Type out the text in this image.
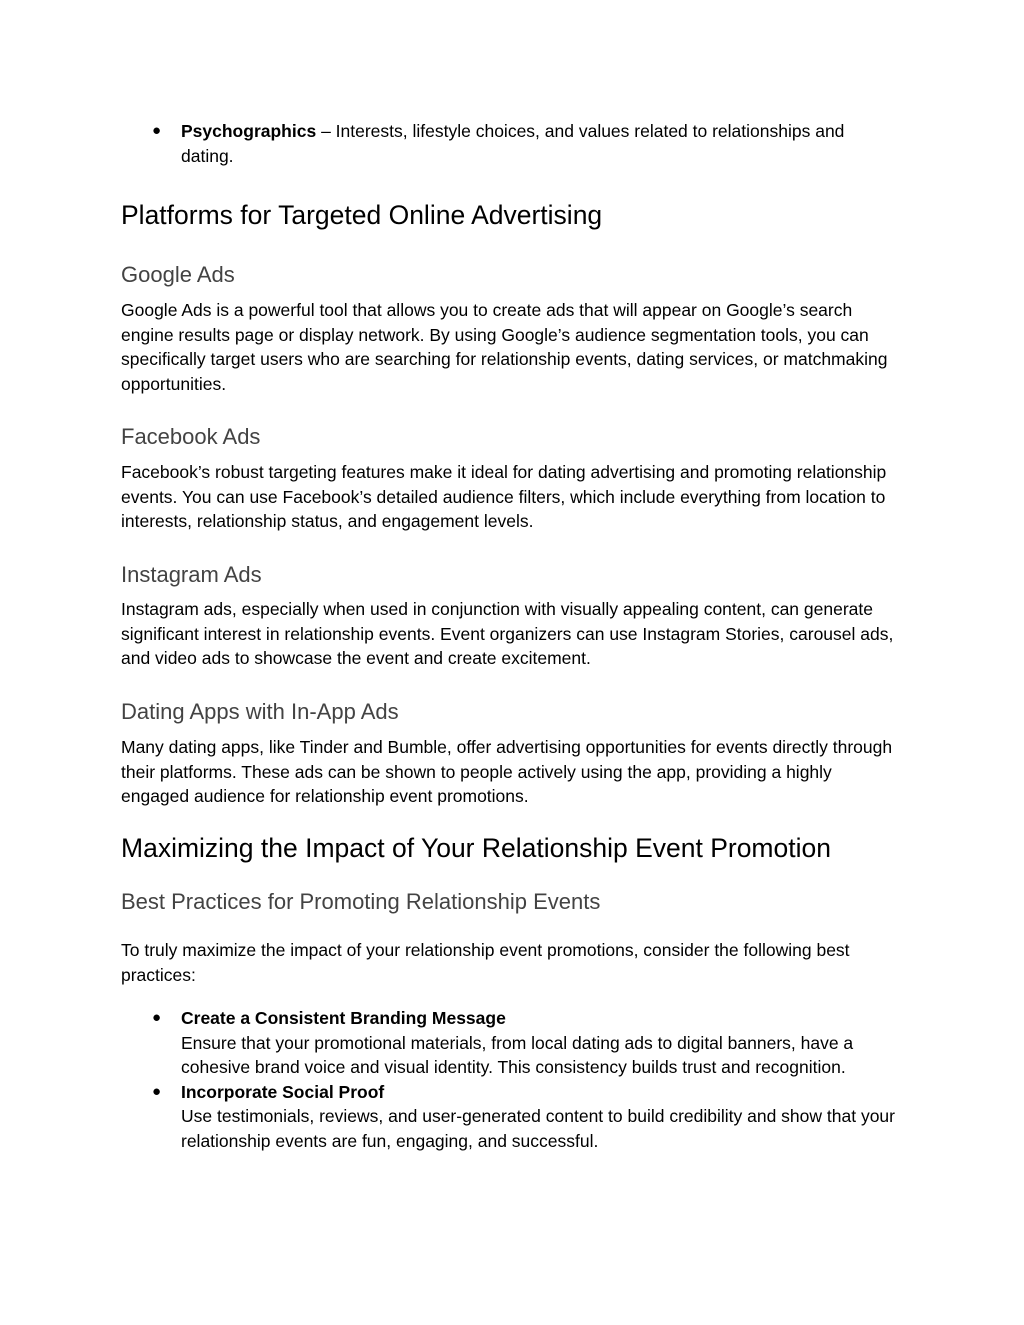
● Psychographics – Interests, lifestyle choices, and values related to relationships and dating.
Platforms for Targeted Online Advertising
Google Ads

Google Ads is a powerful tool that allows you to create ads that will appear on Google’s search engine results page or display network. By using Google’s audience segmentation tools, you can specifically target users who are searching for relationship events, dating services, or matchmaking opportunities.

Facebook Ads

Facebook’s robust targeting features make it ideal for dating advertising and promoting relationship events. You can use Facebook’s detailed audience filters, which include everything from location to interests, relationship status, and engagement levels.

Instagram Ads

Instagram ads, especially when used in conjunction with visually appealing content, can generate significant interest in relationship events. Event organizers can use Instagram Stories, carousel ads, and video ads to showcase the event and create excitement.

Dating Apps with In-App Ads

Many dating apps, like Tinder and Bumble, offer advertising opportunities for events directly through their platforms. These ads can be shown to people actively using the app, providing a highly engaged audience for relationship event promotions.

Maximizing the Impact of Your Relationship Event Promotion
Best Practices for Promoting Relationship Events

To truly maximize the impact of your relationship event promotions, consider the following best practices:

● Create a Consistent Branding Message
Ensure that your promotional materials, from local dating ads to digital banners, have a cohesive brand voice and visual identity. This consistency builds trust and recognition.
● Incorporate Social Proof
Use testimonials, reviews, and user-generated content to build credibility and show that your relationship events are fun, engaging, and successful.
